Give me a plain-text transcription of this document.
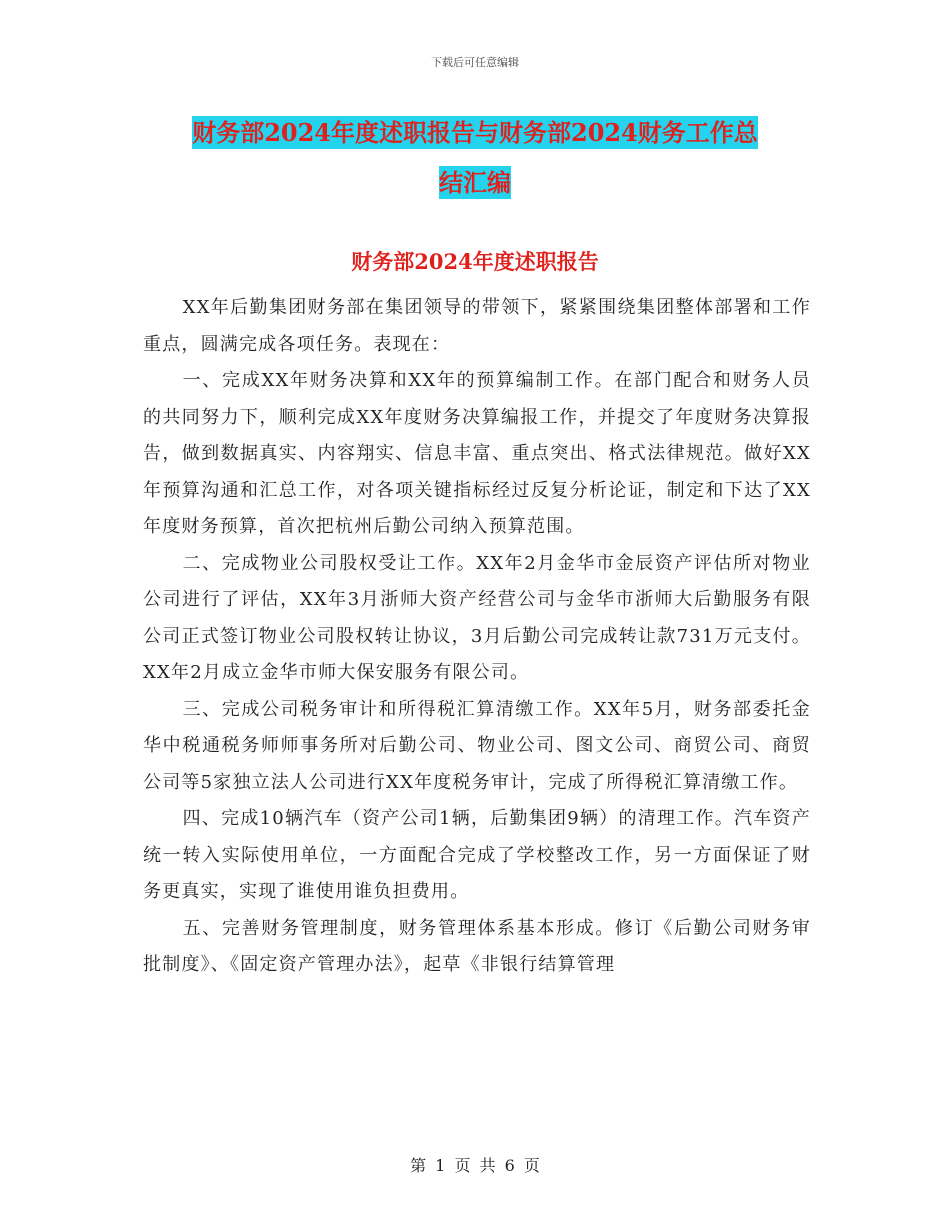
下载后可任意编辑
财务部2024年度述职报告与财务部2024财务工作总
结汇编
财务部2024年度述职报告

XX年后勤集团财务部在集团领导的带领下，紧紧围绕集团整体部署和工作重点，圆满完成各项任务。表现在：

一、完成XX年财务决算和XX年的预算编制工作。在部门配合和财务人员的共同努力下，顺利完成XX年度财务决算编报工作，并提交了年度财务决算报告，做到数据真实、内容翔实、信息丰富、重点突出、格式法律规范。做好XX年预算沟通和汇总工作，对各项关键指标经过反复分析论证，制定和下达了XX年度财务预算，首次把杭州后勤公司纳入预算范围。

二、完成物业公司股权受让工作。XX年2月金华市金辰资产评估所对物业公司进行了评估，XX年3月浙师大资产经营公司与金华市浙师大后勤服务有限公司正式签订物业公司股权转让协议，3月后勤公司完成转让款731万元支付。XX年2月成立金华市师大保安服务有限公司。

三、完成公司税务审计和所得税汇算清缴工作。XX年5月，财务部委托金华中税通税务师师事务所对后勤公司、物业公司、图文公司、商贸公司、商贸公司等5家独立法人公司进行XX年度税务审计，完成了所得税汇算清缴工作。

四、完成10辆汽车（资产公司1辆，后勤集团9辆）的清理工作。汽车资产统一转入实际使用单位，一方面配合完成了学校整改工作，另一方面保证了财务更真实，实现了谁使用谁负担费用。

五、完善财务管理制度，财务管理体系基本形成。修订《后勤公司财务审批制度》、《固定资产管理办法》，起草《非银行结算管理

第 1 页 共 6 页
